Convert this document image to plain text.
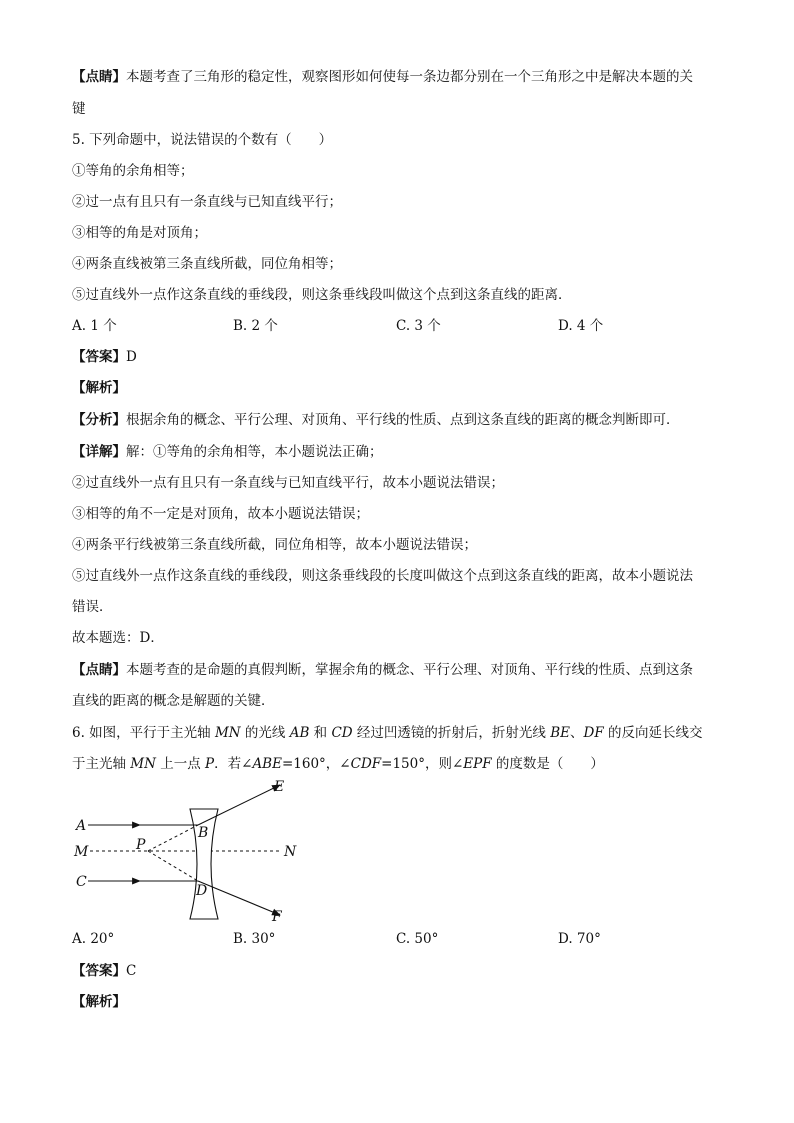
【点睛】本题考查了三角形的稳定性，观察图形如何使每一条边都分别在一个三角形之中是解决本题的关
键
5. 下列命题中，说法错误的个数有（　　）
①等角的余角相等；
②过一点有且只有一条直线与已知直线平行；
③相等的角是对顶角；
④两条直线被第三条直线所截，同位角相等；
⑤过直线外一点作这条直线的垂线段，则这条垂线段叫做这个点到这条直线的距离．
A. 1 个	B. 2 个	C. 3 个	D. 4 个
【答案】D
【解析】
【分析】根据余角的概念、平行公理、对顶角、平行线的性质、点到这条直线的距离的概念判断即可．
【详解】解：①等角的余角相等，本小题说法正确；
②过直线外一点有且只有一条直线与已知直线平行，故本小题说法错误；
③相等的角不一定是对顶角，故本小题说法错误；
④两条平行线被第三条直线所截，同位角相等，故本小题说法错误；
⑤过直线外一点作这条直线的垂线段，则这条垂线段的长度叫做这个点到这条直线的距离，故本小题说法
错误．
故本题选：D．
【点睛】本题考查的是命题的真假判断，掌握余角的概念、平行公理、对顶角、平行线的性质、点到这条
直线的距离的概念是解题的关键．
6. 如图，平行于主光轴 MN 的光线 AB 和 CD 经过凹透镜的折射后，折射光线 BE、DF 的反向延长线交
于主光轴 MN 上一点 P．若∠ABE=160°，∠CDF=150°，则∠EPF 的度数是（　　）
A
M
C
P
B
D
E
N
F
A. 20°	B. 30°	C. 50°	D. 70°
【答案】C
【解析】
